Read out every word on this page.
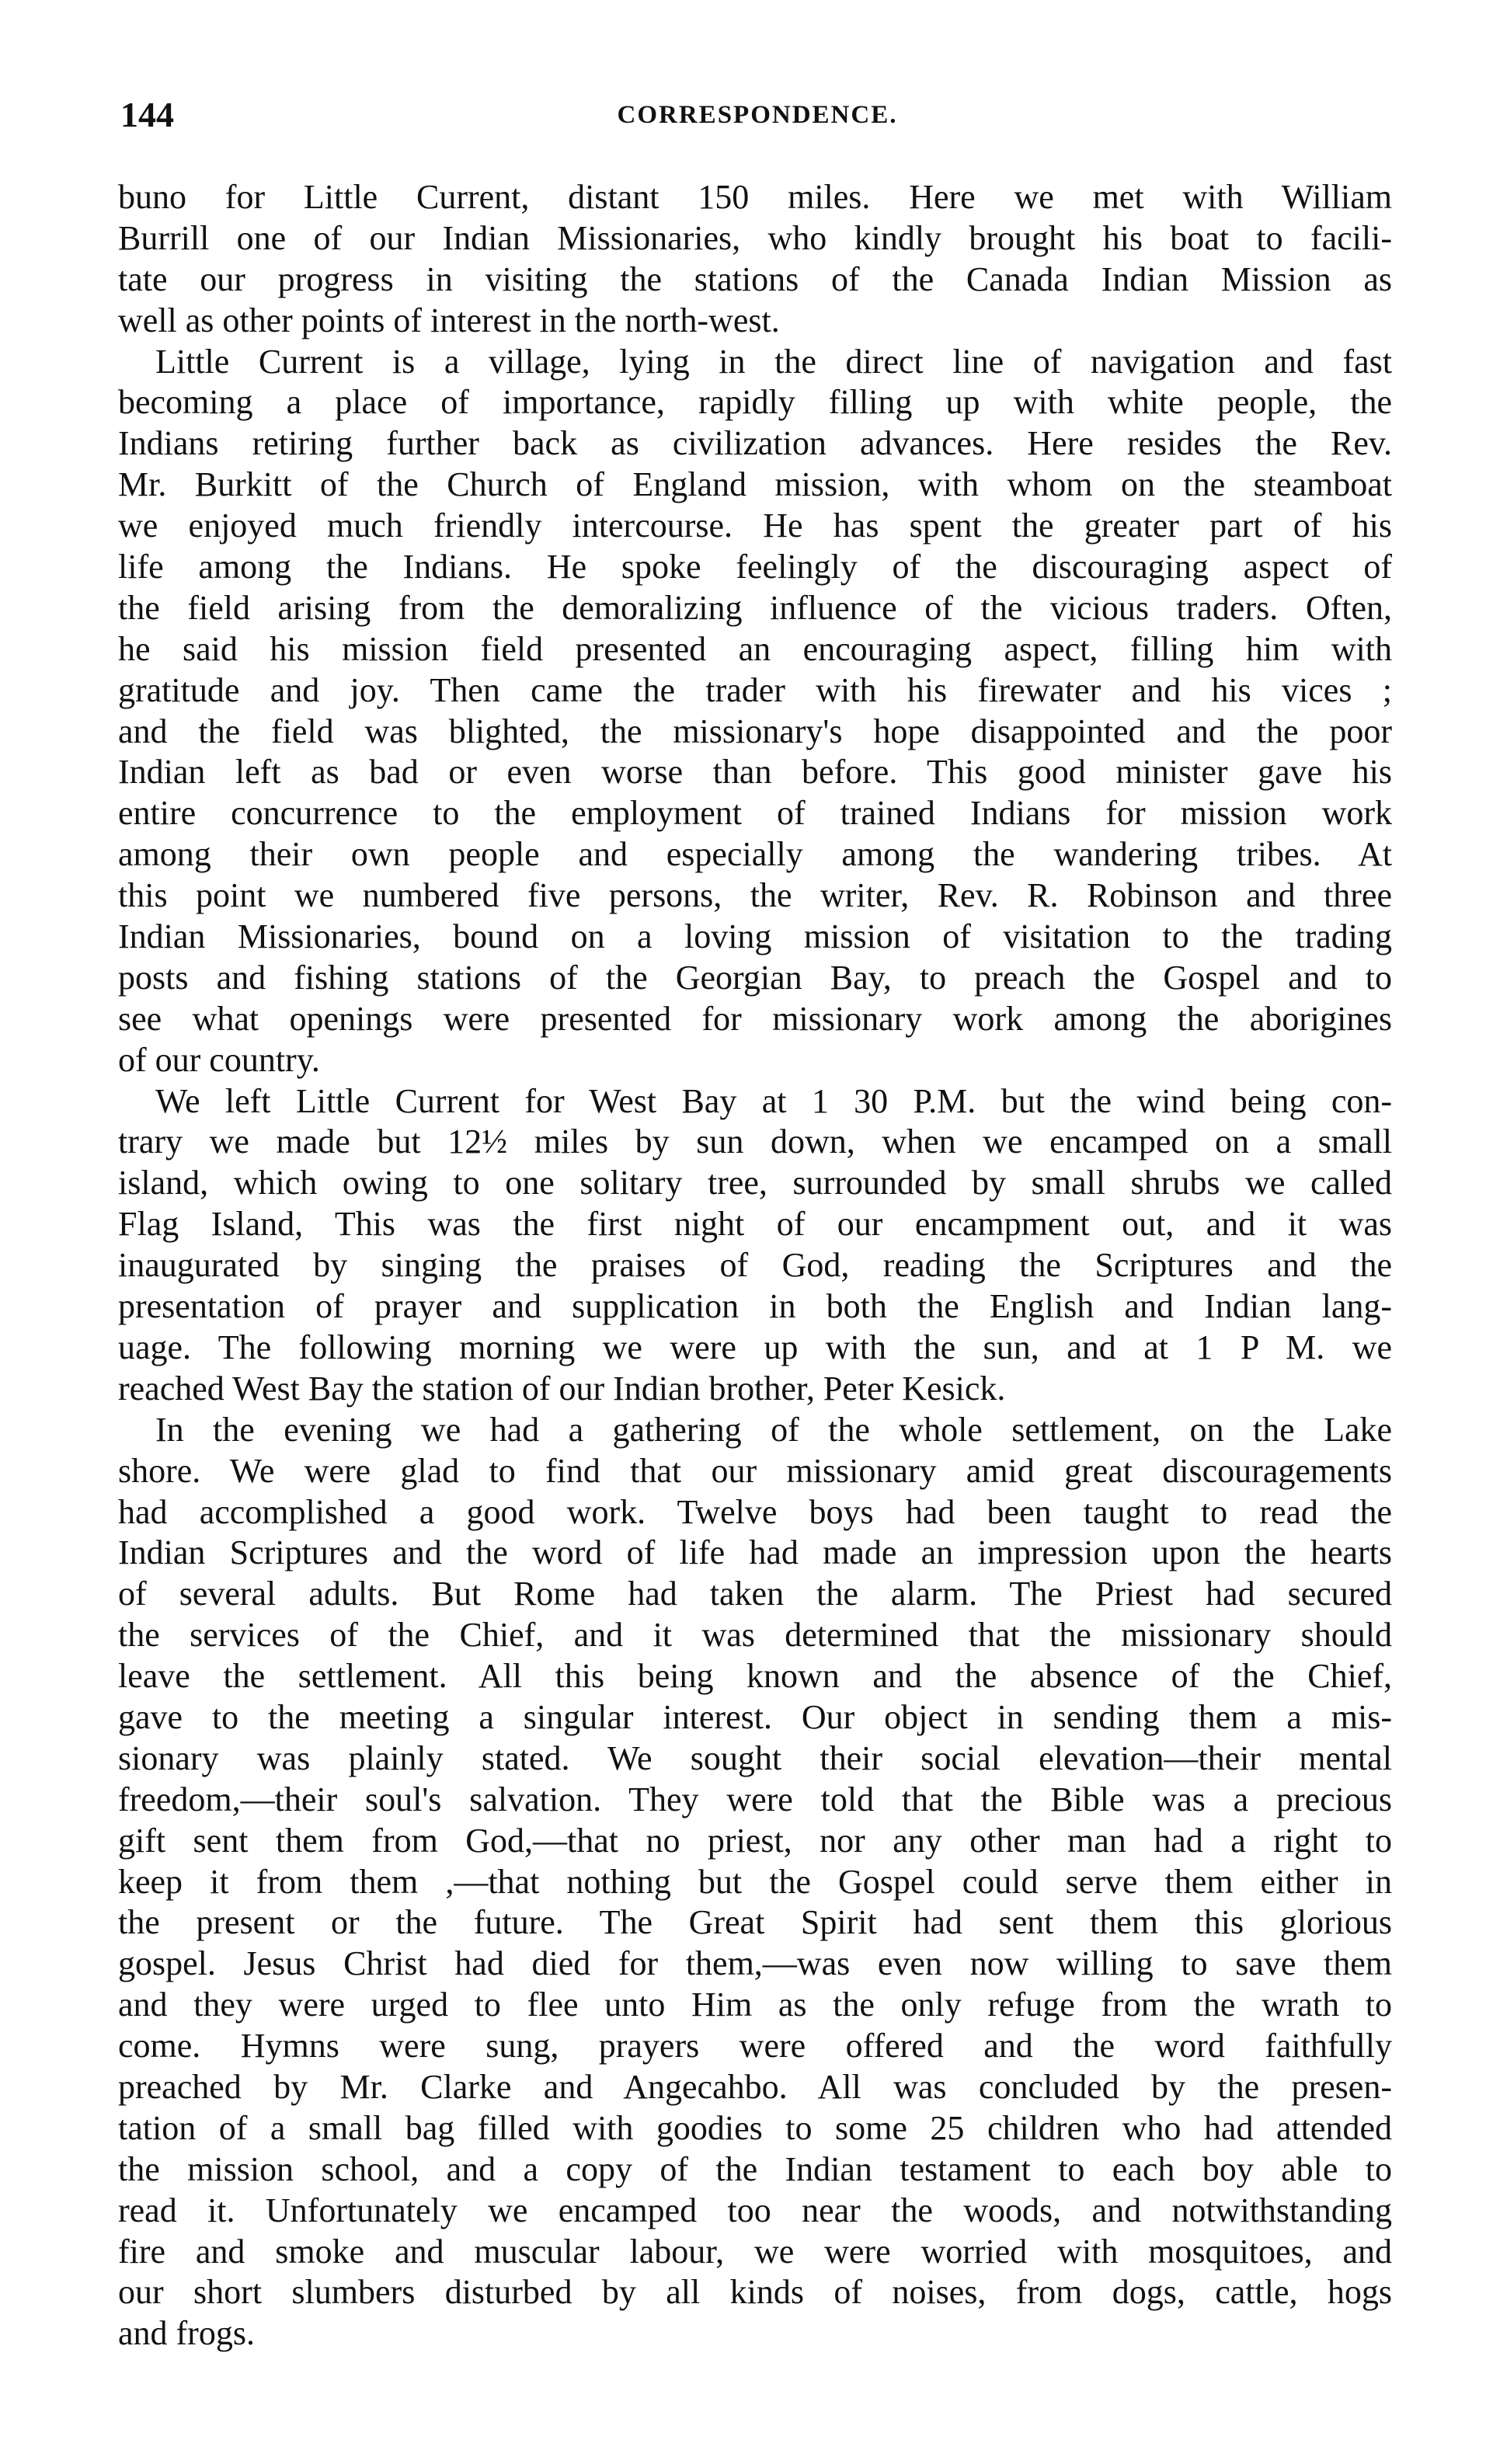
144	CORRESPONDENCE.
buno for Little Current, distant 150 miles. Here we met with William
Burrill one of our Indian Missionaries, who kindly brought his boat to facili-
tate our progress in visiting the stations of the Canada Indian Mission as
well as other points of interest in the north-west.
Little Current is a village, lying in the direct line of navigation and fast
becoming a place of importance, rapidly filling up with white people, the
Indians retiring further back as civilization advances. Here resides the Rev.
Mr. Burkitt of the Church of England mission, with whom on the steamboat
we enjoyed much friendly intercourse. He has spent the greater part of his
life among the Indians. He spoke feelingly of the discouraging aspect of
the field arising from the demoralizing influence of the vicious traders. Often,
he said his mission field presented an encouraging aspect, filling him with
gratitude and joy. Then came the trader with his firewater and his vices ;
and the field was blighted, the missionary's hope disappointed and the poor
Indian left as bad or even worse than before. This good minister gave his
entire concurrence to the employment of trained Indians for mission work
among their own people and especially among the wandering tribes. At
this point we numbered five persons, the writer, Rev. R. Robinson and three
Indian Missionaries, bound on a loving mission of visitation to the trading
posts and fishing stations of the Georgian Bay, to preach the Gospel and to
see what openings were presented for missionary work among the aborigines
of our country.
We left Little Current for West Bay at 1 30 P.M. but the wind being con-
trary we made but 12½ miles by sun down, when we encamped on a small
island, which owing to one solitary tree, surrounded by small shrubs we called
Flag Island, This was the first night of our encampment out, and it was
inaugurated by singing the praises of God, reading the Scriptures and the
presentation of prayer and supplication in both the English and Indian lang-
uage. The following morning we were up with the sun, and at 1 P M. we
reached West Bay the station of our Indian brother, Peter Kesick.
In the evening we had a gathering of the whole settlement, on the Lake
shore. We were glad to find that our missionary amid great discouragements
had accomplished a good work. Twelve boys had been taught to read the
Indian Scriptures and the word of life had made an impression upon the hearts
of several adults. But Rome had taken the alarm. The Priest had secured
the services of the Chief, and it was determined that the missionary should
leave the settlement. All this being known and the absence of the Chief,
gave to the meeting a singular interest. Our object in sending them a mis-
sionary was plainly stated. We sought their social elevation—their mental
freedom,—their soul's salvation. They were told that the Bible was a precious
gift sent them from God,—that no priest, nor any other man had a right to
keep it from them ,—that nothing but the Gospel could serve them either in
the present or the future. The Great Spirit had sent them this glorious
gospel. Jesus Christ had died for them,—was even now willing to save them
and they were urged to flee unto Him as the only refuge from the wrath to
come. Hymns were sung, prayers were offered and the word faithfully
preached by Mr. Clarke and Angecahbo. All was concluded by the presen-
tation of a small bag filled with goodies to some 25 children who had attended
the mission school, and a copy of the Indian testament to each boy able to
read it. Unfortunately we encamped too near the woods, and notwithstanding
fire and smoke and muscular labour, we were worried with mosquitoes, and
our short slumbers disturbed by all kinds of noises, from dogs, cattle, hogs
and frogs.
